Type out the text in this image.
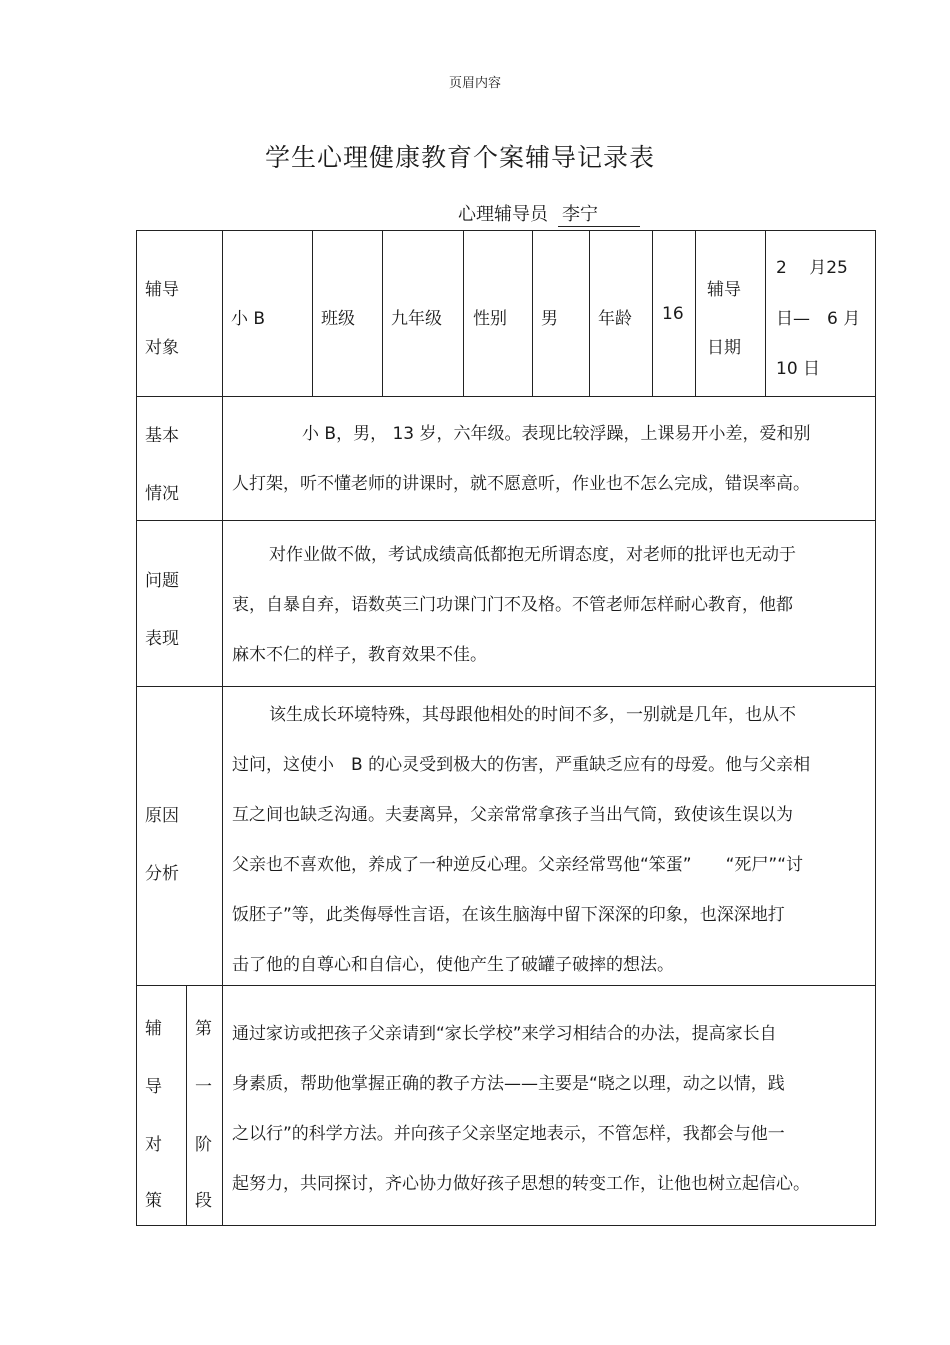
页眉内容
学生心理健康教育个案辅导记录表
心理辅导员 李宁
辅导
对象
小 B	班级 九年级 性别 男 年龄 16
辅导
日期
2　 月25
日—　6 月
10 日
基本
情况
小 B，男， 13 岁，六年级。表现比较浮躁，上课易开小差，爱和别
人打架，听不懂老师的讲课时，就不愿意听，作业也不怎么完成，错误率高。
问题
表现
对作业做不做，考试成绩高低都抱无所谓态度，对老师的批评也无动于
衷，自暴自弃，语数英三门功课门门不及格。不管老师怎样耐心教育，他都
麻木不仁的样子，教育效果不佳。
原因
分析
该生成长环境特殊，其母跟他相处的时间不多，一别就是几年，也从不
过问，这使小　B 的心灵受到极大的伤害，严重缺乏应有的母爱。他与父亲相
互之间也缺乏沟通。夫妻离异，父亲常常拿孩子当出气筒，致使该生误以为
父亲也不喜欢他，养成了一种逆反心理。父亲经常骂他“笨蛋”　　“死尸”“讨
饭胚子”等，此类侮辱性言语，在该生脑海中留下深深的印象，也深深地打
击了他的自尊心和自信心，使他产生了破罐子破摔的想法。
辅
导
对
策
第
一
阶
段
通过家访或把孩子父亲请到“家长学校”来学习相结合的办法，提高家长自
身素质，帮助他掌握正确的教子方法——主要是“晓之以理，动之以情，践
之以行”的科学方法。并向孩子父亲坚定地表示，不管怎样，我都会与他一
起努力，共同探讨，齐心协力做好孩子思想的转变工作，让他也树立起信心。
